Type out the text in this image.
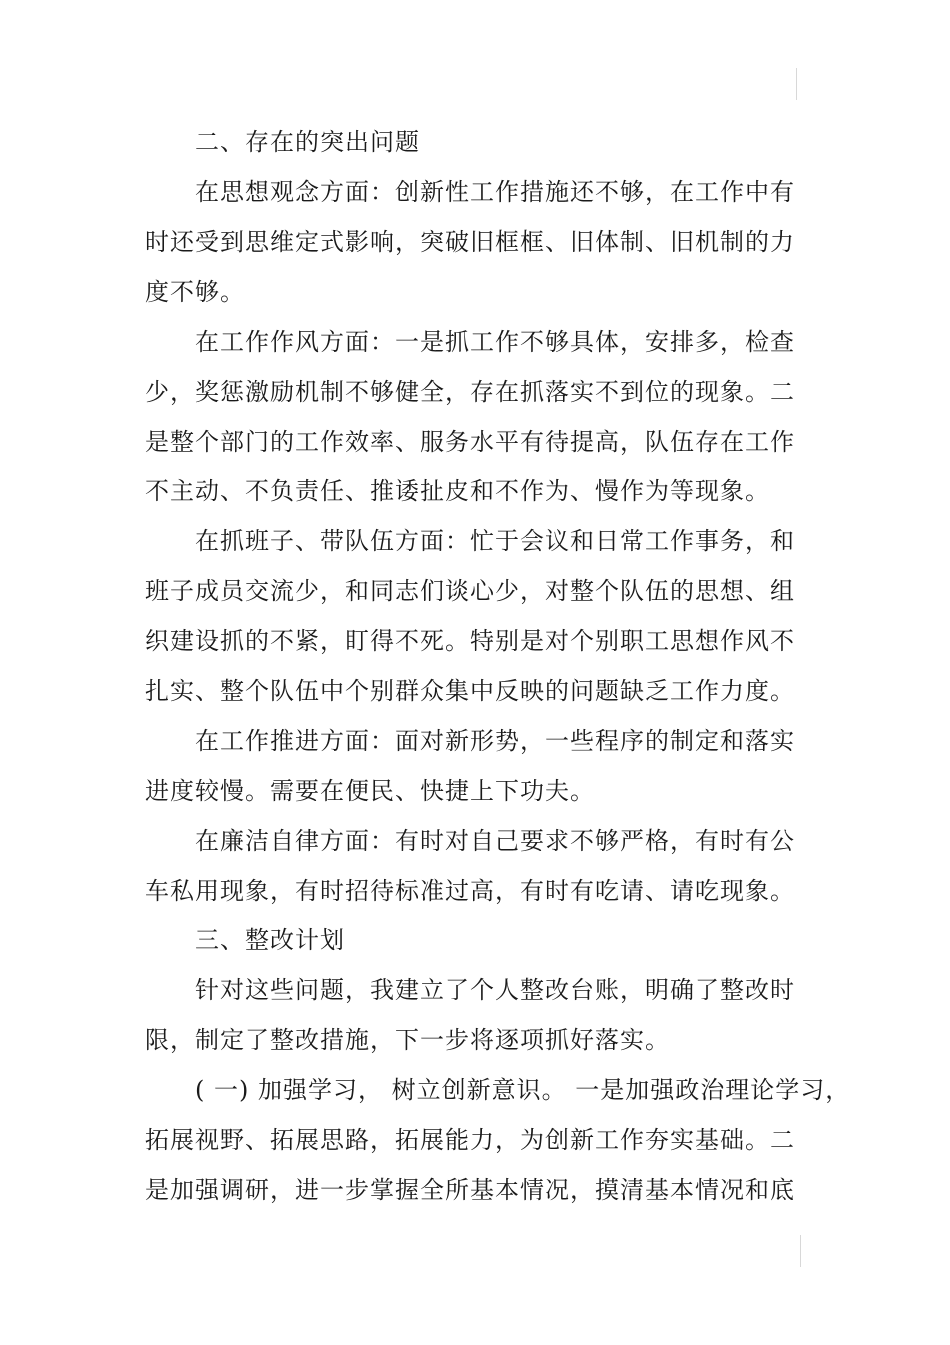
二、存在的突出问题
在思想观念方面：创新性工作措施还不够，在工作中有
时还受到思维定式影响，突破旧框框、旧体制、旧机制的力
度不够。
在工作作风方面：一是抓工作不够具体，安排多，检查
少，奖惩激励机制不够健全，存在抓落实不到位的现象。二
是整个部门的工作效率、服务水平有待提高，队伍存在工作
不主动、不负责任、推诿扯皮和不作为、慢作为等现象。
在抓班子、带队伍方面：忙于会议和日常工作事务，和
班子成员交流少，和同志们谈心少，对整个队伍的思想、组
织建设抓的不紧，盯得不死。特别是对个别职工思想作风不
扎实、整个队伍中个别群众集中反映的问题缺乏工作力度。
在工作推进方面：面对新形势，一些程序的制定和落实
进度较慢。需要在便民、快捷上下功夫。
在廉洁自律方面：有时对自己要求不够严格，有时有公
车私用现象，有时招待标准过高，有时有吃请、请吃现象。
三、整改计划
针对这些问题，我建立了个人整改台账，明确了整改时
限，制定了整改措施，下一步将逐项抓好落实。
( 一) 加强学习， 树立创新意识。 一是加强政治理论学习，
拓展视野、拓展思路，拓展能力，为创新工作夯实基础。二
是加强调研，进一步掌握全所基本情况，摸清基本情况和底
